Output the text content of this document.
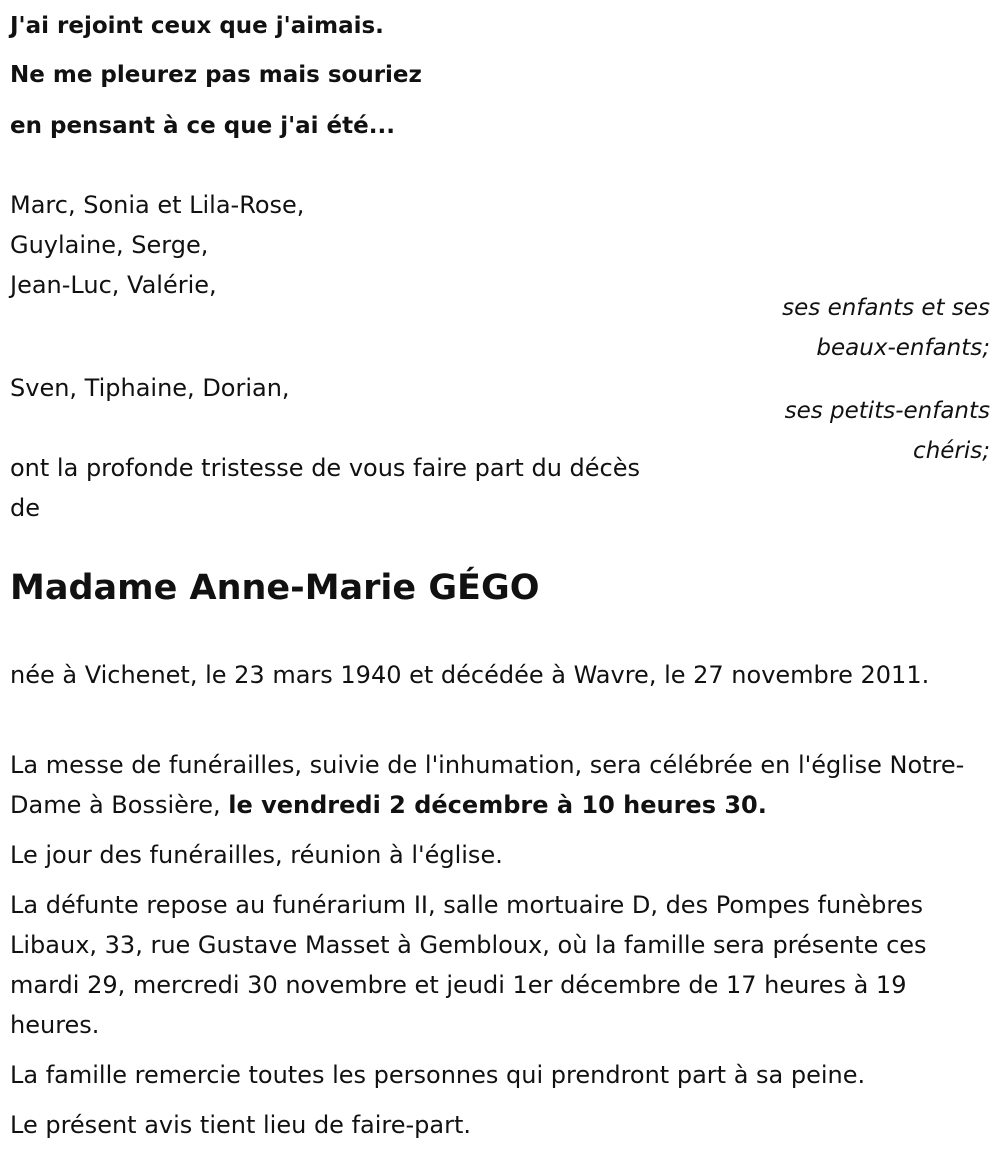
J'ai rejoint ceux que j'aimais.
Ne me pleurez pas mais souriez
en pensant à ce que j'ai été...
Marc, Sonia et Lila-Rose,
Guylaine, Serge,
Jean-Luc, Valérie,
ses enfants et ses
beaux-enfants;
Sven, Tiphaine, Dorian,
ses petits-enfants
chéris;
ont la profonde tristesse de vous faire part du décès
de
Madame Anne-Marie GÉGO

née à Vichenet, le 23 mars 1940 et décédée à Wavre, le 27 novembre 2011.

La messe de funérailles, suivie de l'inhumation, sera célébrée en l'église Notre-Dame à Bossière, le vendredi 2 décembre à 10 heures 30.

Le jour des funérailles, réunion à l'église.

La défunte repose au funérarium II, salle mortuaire D, des Pompes funèbres Libaux, 33, rue Gustave Masset à Gembloux, où la famille sera présente ces mardi 29, mercredi 30 novembre et jeudi 1er décembre de 17 heures à 19 heures.

La famille remercie toutes les personnes qui prendront part à sa peine.

Le présent avis tient lieu de faire-part.
